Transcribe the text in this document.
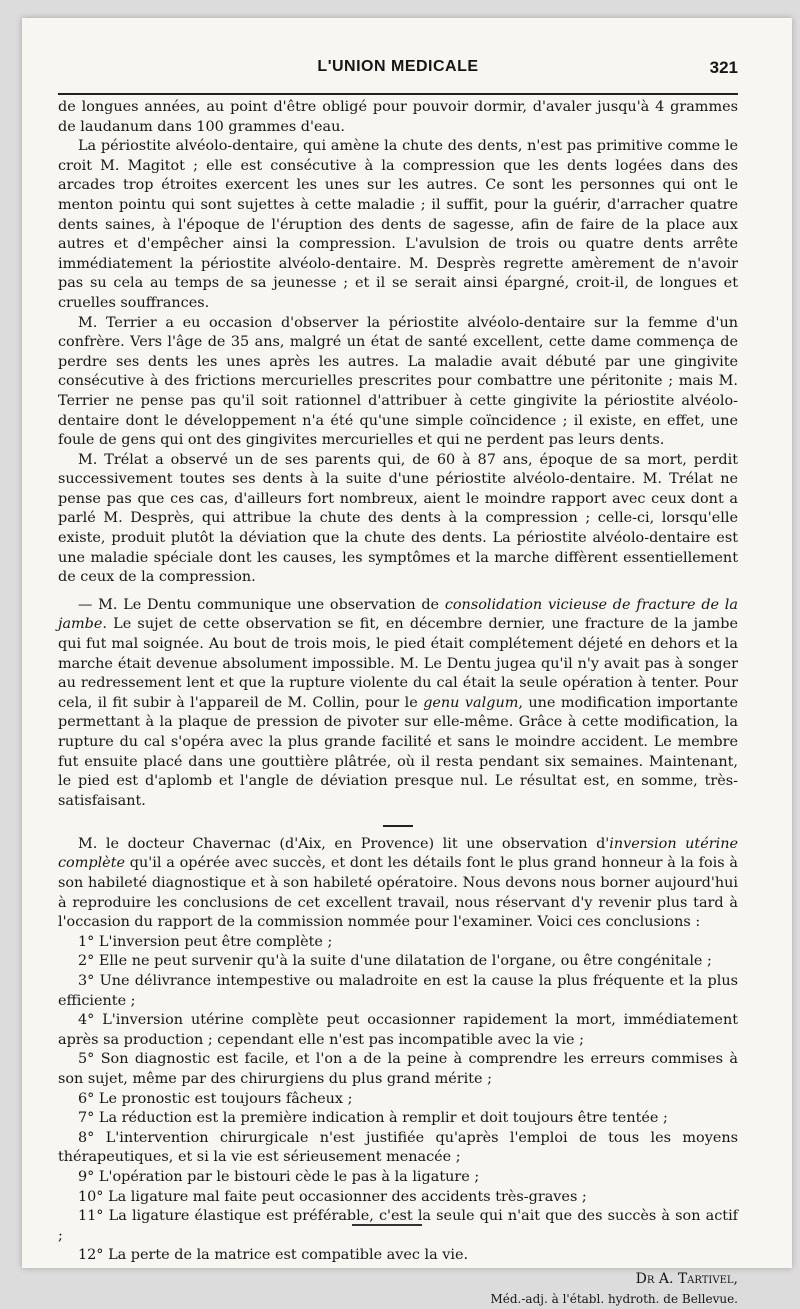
L'UNION MEDICALE	321

de longues années, au point d'être obligé pour pouvoir dormir, d'avaler jusqu'à 4 grammes de laudanum dans 100 grammes d'eau.

La périostite alvéolo-dentaire, qui amène la chute des dents, n'est pas primitive comme le croit M. Magitot ; elle est consécutive à la compression que les dents logées dans des arcades trop étroites exercent les unes sur les autres. Ce sont les personnes qui ont le menton pointu qui sont sujettes à cette maladie ; il suffit, pour la guérir, d'arracher quatre dents saines, à l'époque de l'éruption des dents de sagesse, afin de faire de la place aux autres et d'empêcher ainsi la compression. L'avulsion de trois ou quatre dents arrête immédiatement la périostite alvéolo-dentaire. M. Desprès regrette amèrement de n'avoir pas su cela au temps de sa jeunesse ; et il se serait ainsi épargné, croit-il, de longues et cruelles souffrances.

M. Terrier a eu occasion d'observer la périostite alvéolo-dentaire sur la femme d'un confrère. Vers l'âge de 35 ans, malgré un état de santé excellent, cette dame commença de perdre ses dents les unes après les autres. La maladie avait débuté par une gingivite consécutive à des frictions mercurielles prescrites pour combattre une péritonite ; mais M. Terrier ne pense pas qu'il soit rationnel d'attribuer à cette gingivite la périostite alvéolo-dentaire dont le développement n'a été qu'une simple coïncidence ; il existe, en effet, une foule de gens qui ont des gingivites mercurielles et qui ne perdent pas leurs dents.

M. Trélat a observé un de ses parents qui, de 60 à 87 ans, époque de sa mort, perdit successivement toutes ses dents à la suite d'une périostite alvéolo-dentaire. M. Trélat ne pense pas que ces cas, d'ailleurs fort nombreux, aient le moindre rapport avec ceux dont a parlé M. Desprès, qui attribue la chute des dents à la compression ; celle-ci, lorsqu'elle existe, produit plutôt la déviation que la chute des dents. La périostite alvéolo-dentaire est une maladie spéciale dont les causes, les symptômes et la marche diffèrent essentiellement de ceux de la compression.

— M. Le Dentu communique une observation de consolidation vicieuse de fracture de la jambe. Le sujet de cette observation se fit, en décembre dernier, une fracture de la jambe qui fut mal soignée. Au bout de trois mois, le pied était complétement déjeté en dehors et la marche était devenue absolument impossible. M. Le Dentu jugea qu'il n'y avait pas à songer au redressement lent et que la rupture violente du cal était la seule opération à tenter. Pour cela, il fit subir à l'appareil de M. Collin, pour le genu valgum, une modification importante permettant à la plaque de pression de pivoter sur elle-même. Grâce à cette modification, la rupture du cal s'opéra avec la plus grande facilité et sans le moindre accident. Le membre fut ensuite placé dans une gouttière plâtrée, où il resta pendant six semaines. Maintenant, le pied est d'aplomb et l'angle de déviation presque nul. Le résultat est, en somme, très-satisfaisant.

M. le docteur Chavernac (d'Aix, en Provence) lit une observation d'inversion utérine complète qu'il a opérée avec succès, et dont les détails font le plus grand honneur à la fois à son habileté diagnostique et à son habileté opératoire. Nous devons nous borner aujourd'hui à reproduire les conclusions de cet excellent travail, nous réservant d'y revenir plus tard à l'occasion du rapport de la commission nommée pour l'examiner. Voici ces conclusions :

1° L'inversion peut être complète ;
2° Elle ne peut survenir qu'à la suite d'une dilatation de l'organe, ou être congénitale ;
3° Une délivrance intempestive ou maladroite en est la cause la plus fréquente et la plus efficiente ;
4° L'inversion utérine complète peut occasionner rapidement la mort, immédiatement après sa production ; cependant elle n'est pas incompatible avec la vie ;
5° Son diagnostic est facile, et l'on a de la peine à comprendre les erreurs commises à son sujet, même par des chirurgiens du plus grand mérite ;
6° Le pronostic est toujours fâcheux ;
7° La réduction est la première indication à remplir et doit toujours être tentée ;
8° L'intervention chirurgicale n'est justifiée qu'après l'emploi de tous les moyens thérapeutiques, et si la vie est sérieusement menacée ;
9° L'opération par le bistouri cède le pas à la ligature ;
10° La ligature mal faite peut occasionner des accidents très-graves ;
11° La ligature élastique est préférable, c'est la seule qui n'ait que des succès à son actif ;
12° La perte de la matrice est compatible avec la vie.
Dr A. Tartivel,
Méd.-adj. à l'établ. hydroth. de Bellevue.
